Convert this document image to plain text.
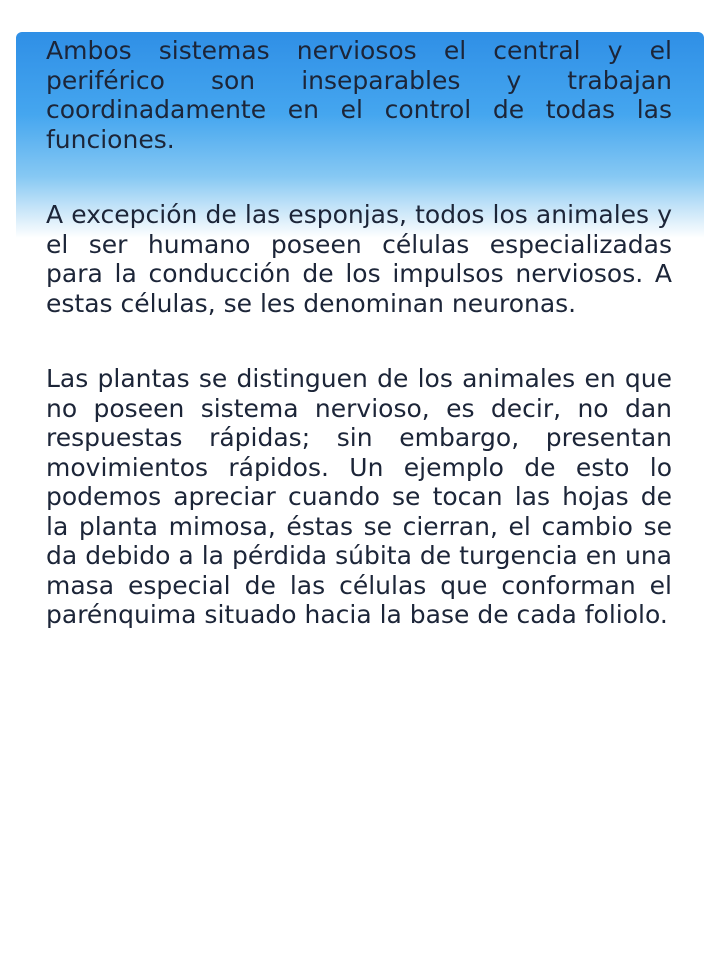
Ambos sistemas nerviosos el central y el periférico son inseparables y trabajan coordinadamente en el control de todas las funciones.

A excepción de las esponjas, todos los animales y el ser humano poseen células especializadas para la conducción de los impulsos nerviosos. A estas células, se les denominan neuronas.

Las plantas se distinguen de los animales en que no poseen sistema nervioso, es decir, no dan respuestas rápidas; sin embargo, presentan movimientos rápidos. Un ejemplo de esto lo podemos apreciar cuando se tocan las hojas de la planta mimosa, éstas se cierran, el cambio se da debido a la pérdida súbita de turgencia en una masa especial de las células que conforman el parénquima situado hacia la base de cada foliolo.
